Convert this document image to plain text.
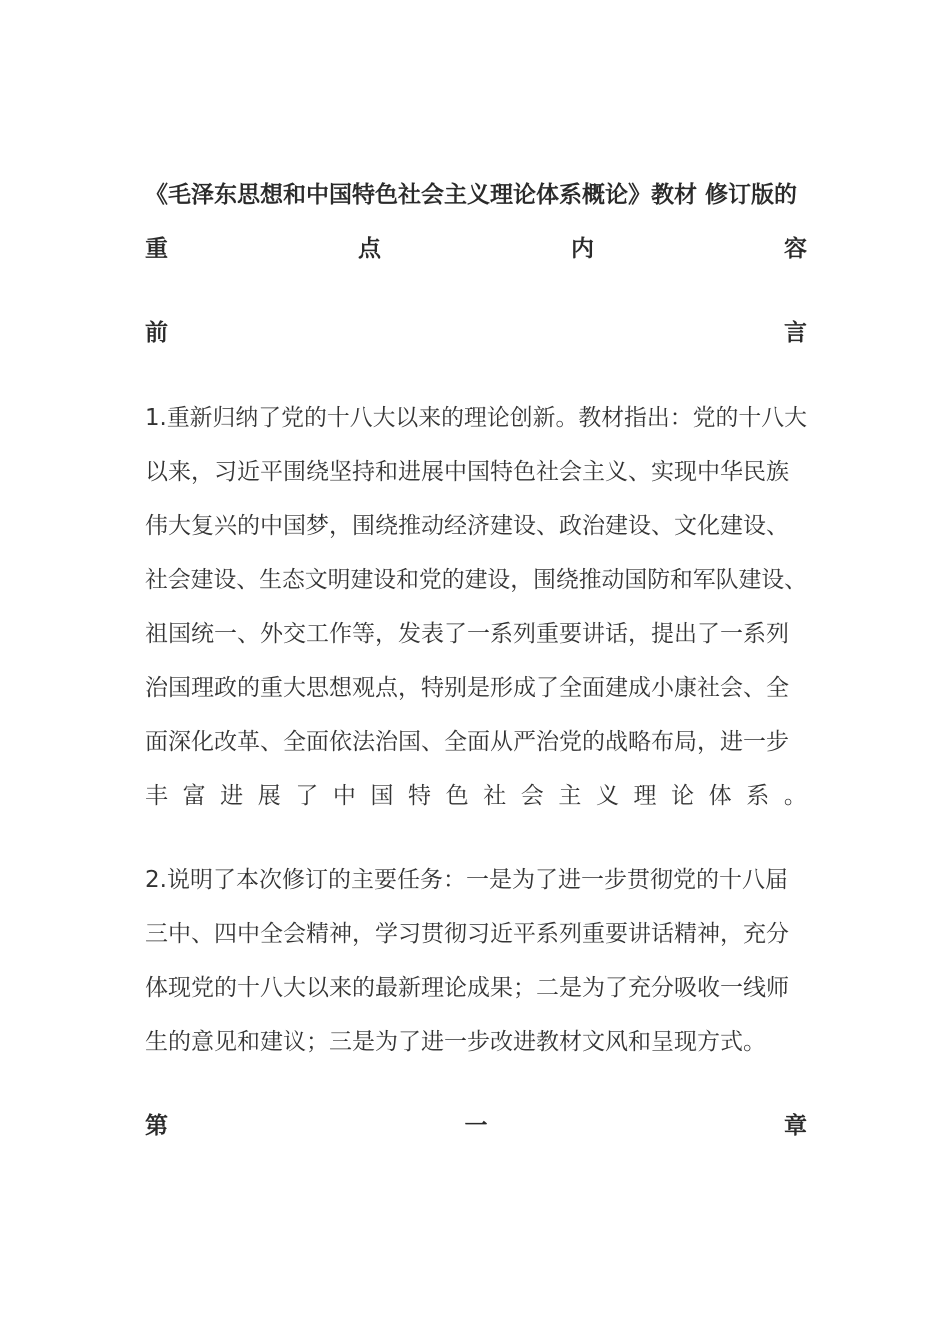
《毛泽东思想和中国特色社会主义理论体系概论》教材 修订版的
重	点	内	容
前	言
1.重新归纳了党的十八大以来的理论创新。教材指出：党的十八大
以来，习近平围绕坚持和进展中国特色社会主义、实现中华民族
伟大复兴的中国梦，围绕推动经济建设、政治建设、文化建设、
社会建设、生态文明建设和党的建设，围绕推动国防和军队建设、
祖国统一、外交工作等，发表了一系列重要讲话，提出了一系列
治国理政的重大思想观点，特别是形成了全面建成小康社会、全
面深化改革、全面依法治国、全面从严治党的战略布局，进一步
丰 富 进 展 了 中 国 特 色 社 会 主 义 理 论 体 系 。
2.说明了本次修订的主要任务：一是为了进一步贯彻党的十八届
三中、四中全会精神，学习贯彻习近平系列重要讲话精神，充分
体现党的十八大以来的最新理论成果；二是为了充分吸收一线师
生的意见和建议；三是为了进一步改进教材文风和呈现方式。
第	一	章
